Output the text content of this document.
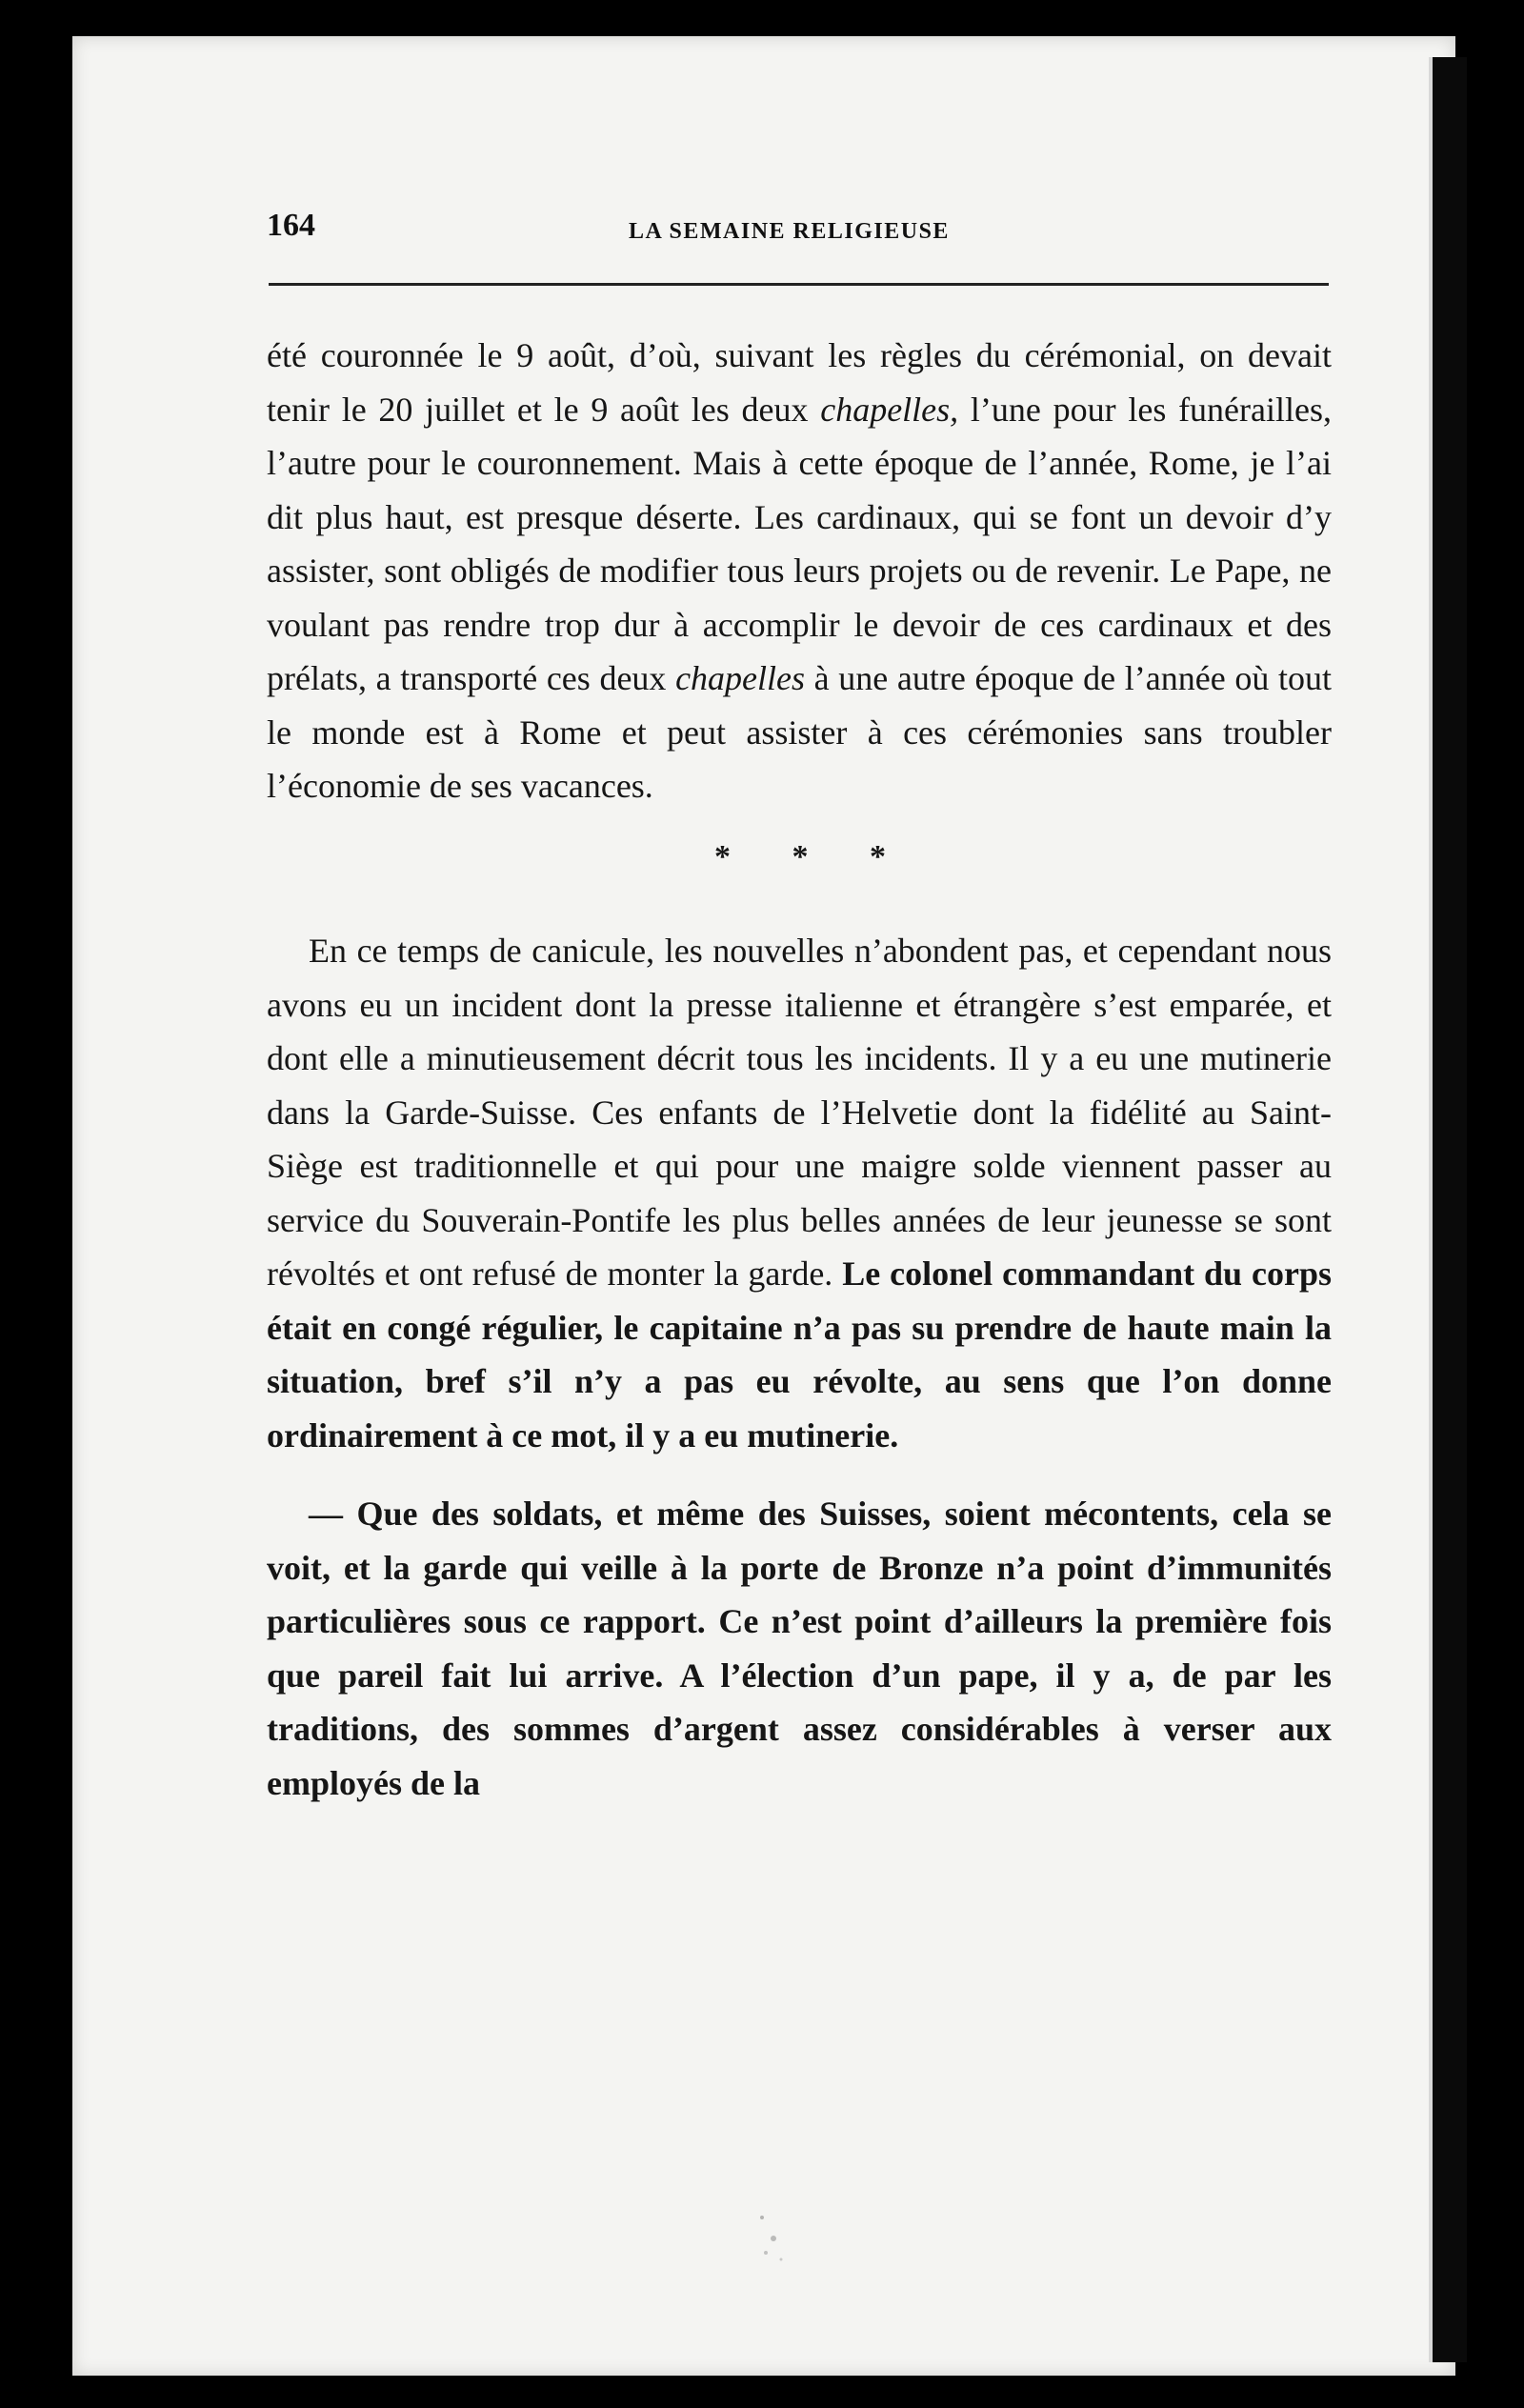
164	LA SEMAINE RELIGIEUSE

été couronnée le 9 août, d’où, suivant les règles du cérémonial, on devait tenir le 20 juillet et le 9 août les deux chapelles, l’une pour les funérailles, l’autre pour le couronnement. Mais à cette époque de l’année, Rome, je l’ai dit plus haut, est presque déserte. Les cardinaux, qui se font un devoir d’y assister, sont obligés de modifier tous leurs projets ou de revenir. Le Pape, ne voulant pas rendre trop dur à accomplir le devoir de ces cardinaux et des prélats, a transporté ces deux chapelles à une autre époque de l’année où tout le monde est à Rome et peut assister à ces cérémonies sans troubler l’économie de ses vacances.

* * *

En ce temps de canicule, les nouvelles n’abondent pas, et cependant nous avons eu un incident dont la presse italienne et étrangère s’est emparée, et dont elle a minutieusement décrit tous les incidents. Il y a eu une mutinerie dans la Garde-Suisse. Ces enfants de l’Helvetie dont la fidélité au Saint-Siège est traditionnelle et qui pour une maigre solde viennent passer au service du Souverain-Pontife les plus belles années de leur jeunesse se sont révoltés et ont refusé de monter la garde. Le colonel commandant du corps était en congé régulier, le capitaine n’a pas su prendre de haute main la situation, bref s’il n’y a pas eu révolte, au sens que l’on donne ordinairement à ce mot, il y a eu mutinerie.

— Que des soldats, et même des Suisses, soient mécontents, cela se voit, et la garde qui veille à la porte de Bronze n’a point d’immunités particulières sous ce rapport. Ce n’est point d’ailleurs la première fois que pareil fait lui arrive. A l’élection d’un pape, il y a, de par les traditions, des sommes d’argent assez considérables à verser aux employés de la
